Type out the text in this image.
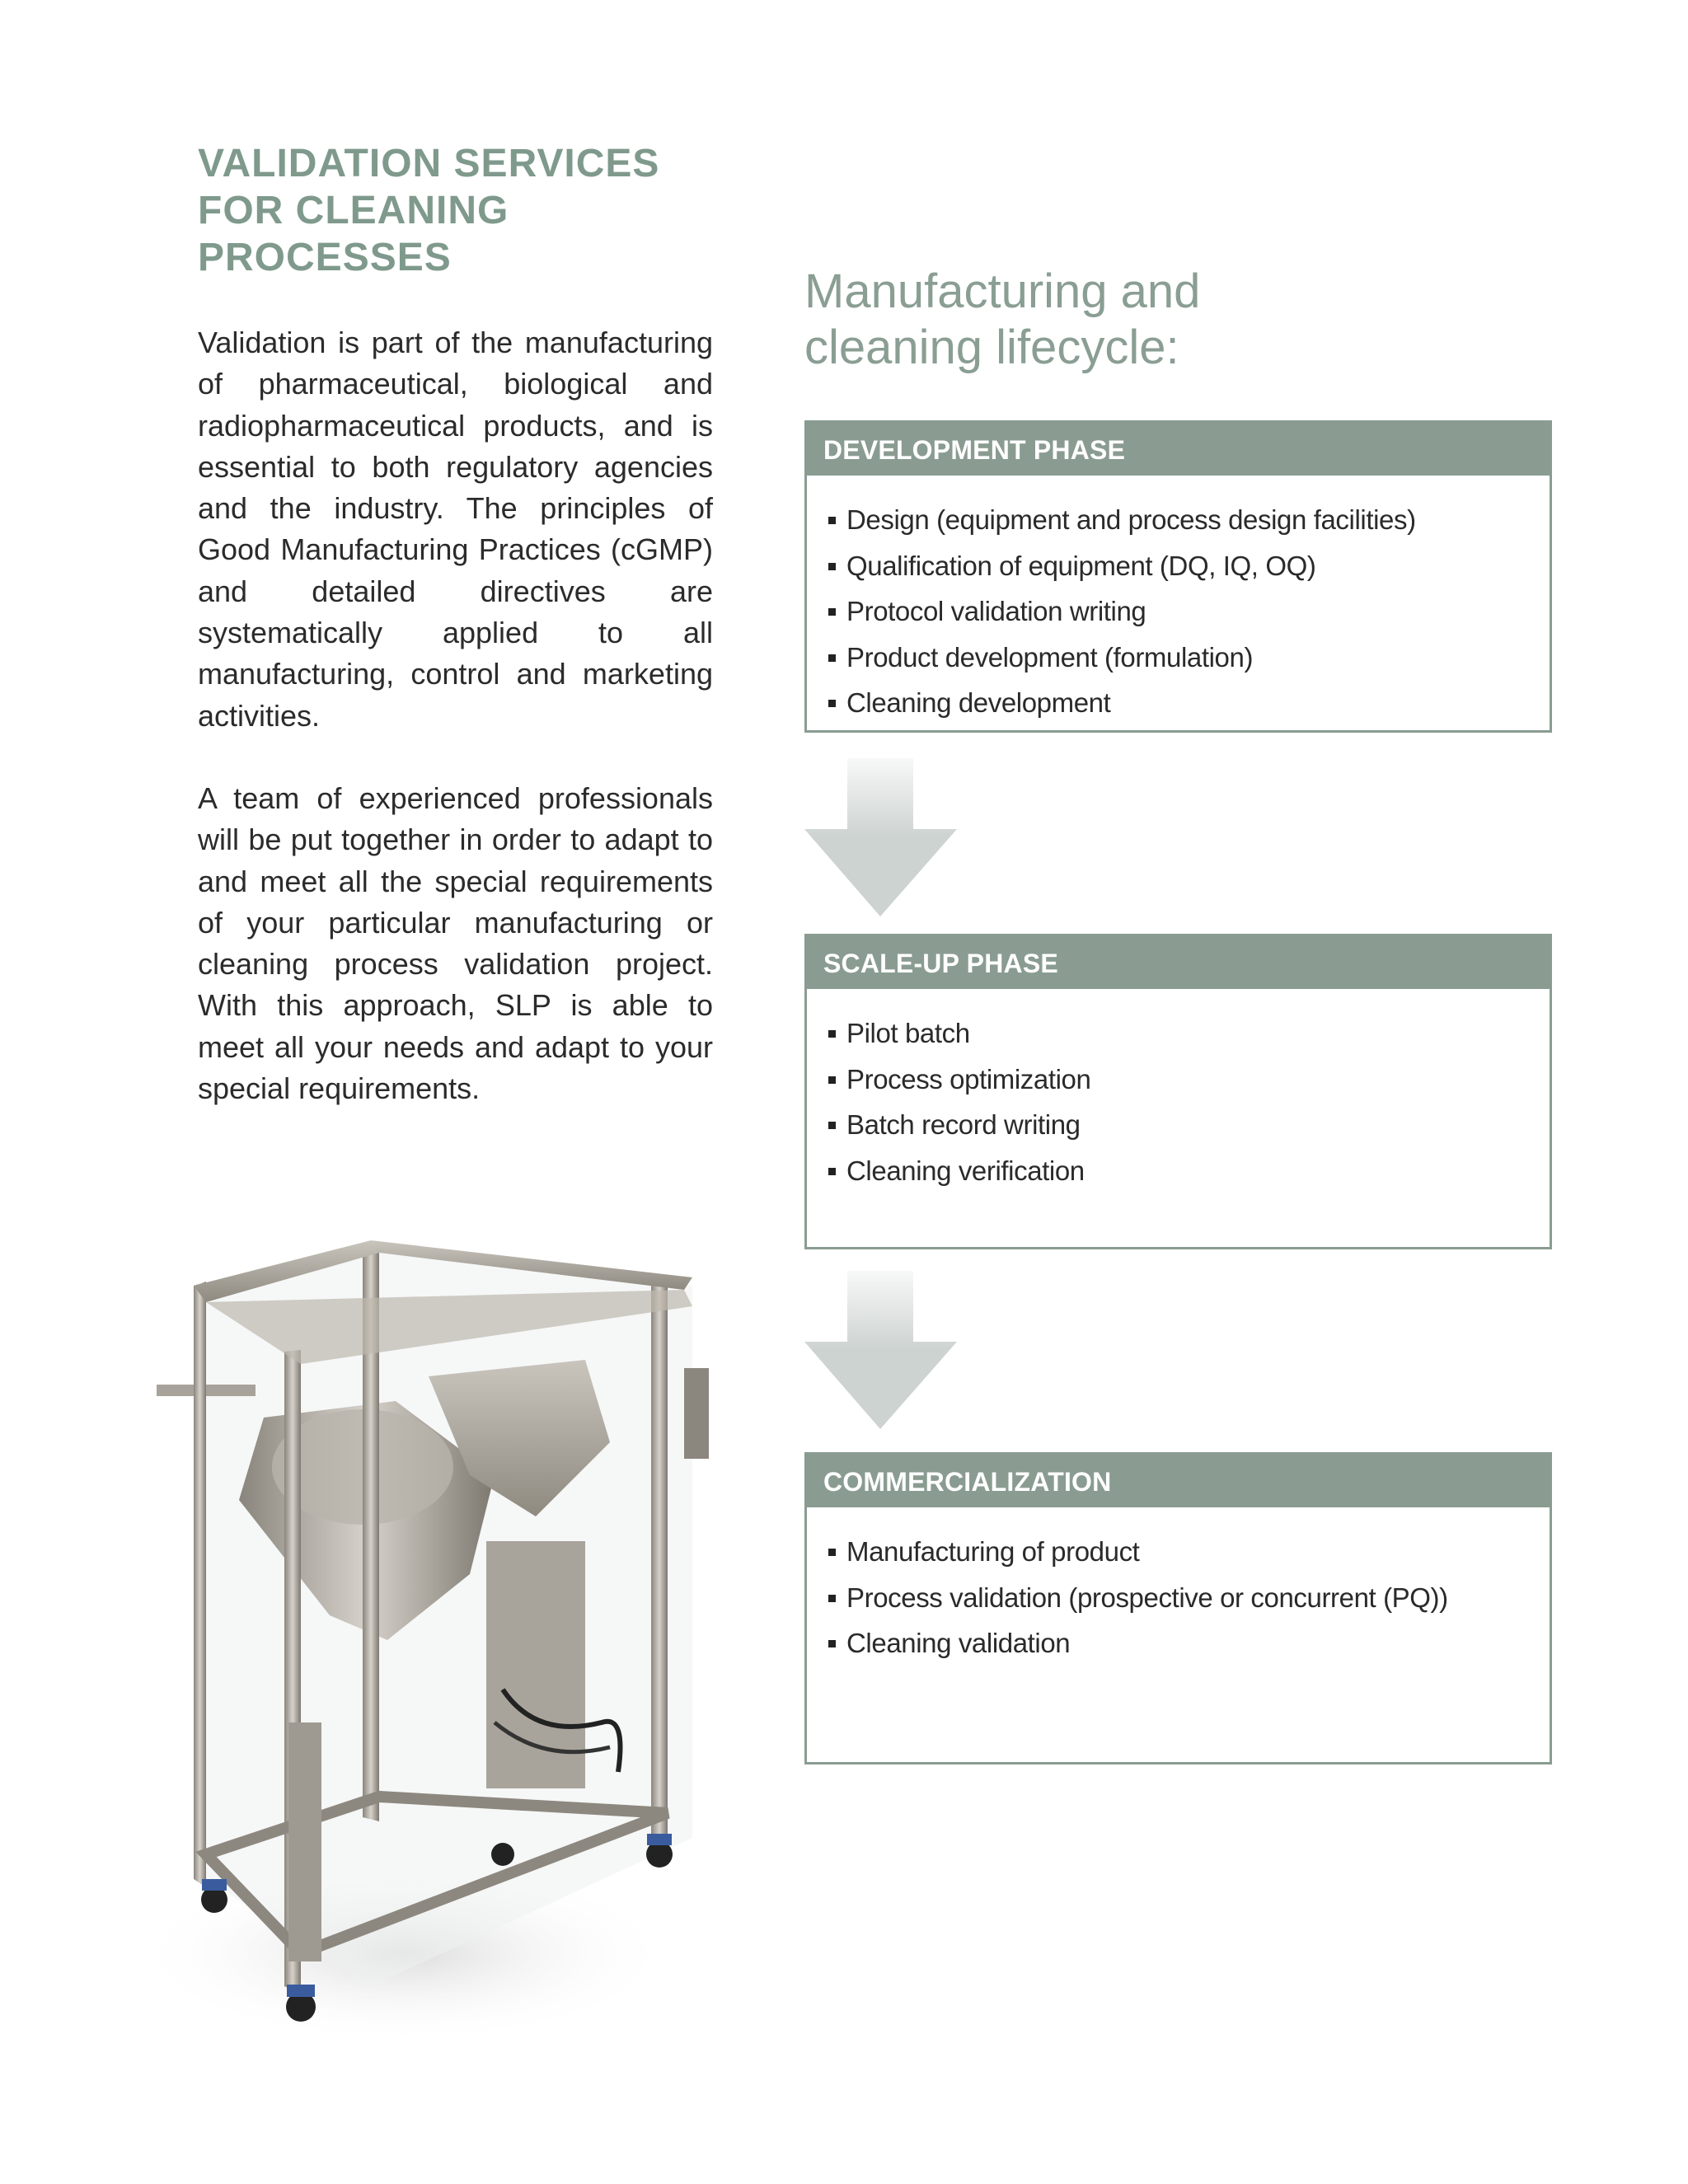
VALIDATION SERVICES
FOR CLEANING
PROCESSES

Validation is part of the manufacturing of pharmaceutical, biological and radiopharmaceutical products, and is essential to both regulatory agencies and the industry. The principles of Good Manufacturing Practices (cGMP) and detailed directives are systematically applied to all manufacturing, control and marketing activities.

A team of experienced professionals will be put together in order to adapt to and meet all the special requirements of your particular manufacturing or cleaning process validation project. With this approach, SLP is able to meet all your needs and adapt to your special requirements.

Manufacturing and
cleaning lifecycle:
DEVELOPMENT PHASE
Design (equipment and process design facilities)
Qualification of equipment (DQ, IQ, OQ)
Protocol validation writing
Product development (formulation)
Cleaning development
SCALE-UP PHASE
Pilot batch
Process optimization
Batch record writing
Cleaning verification
COMMERCIALIZATION
Manufacturing of product
Process validation (prospective or concurrent (PQ))
Cleaning validation
